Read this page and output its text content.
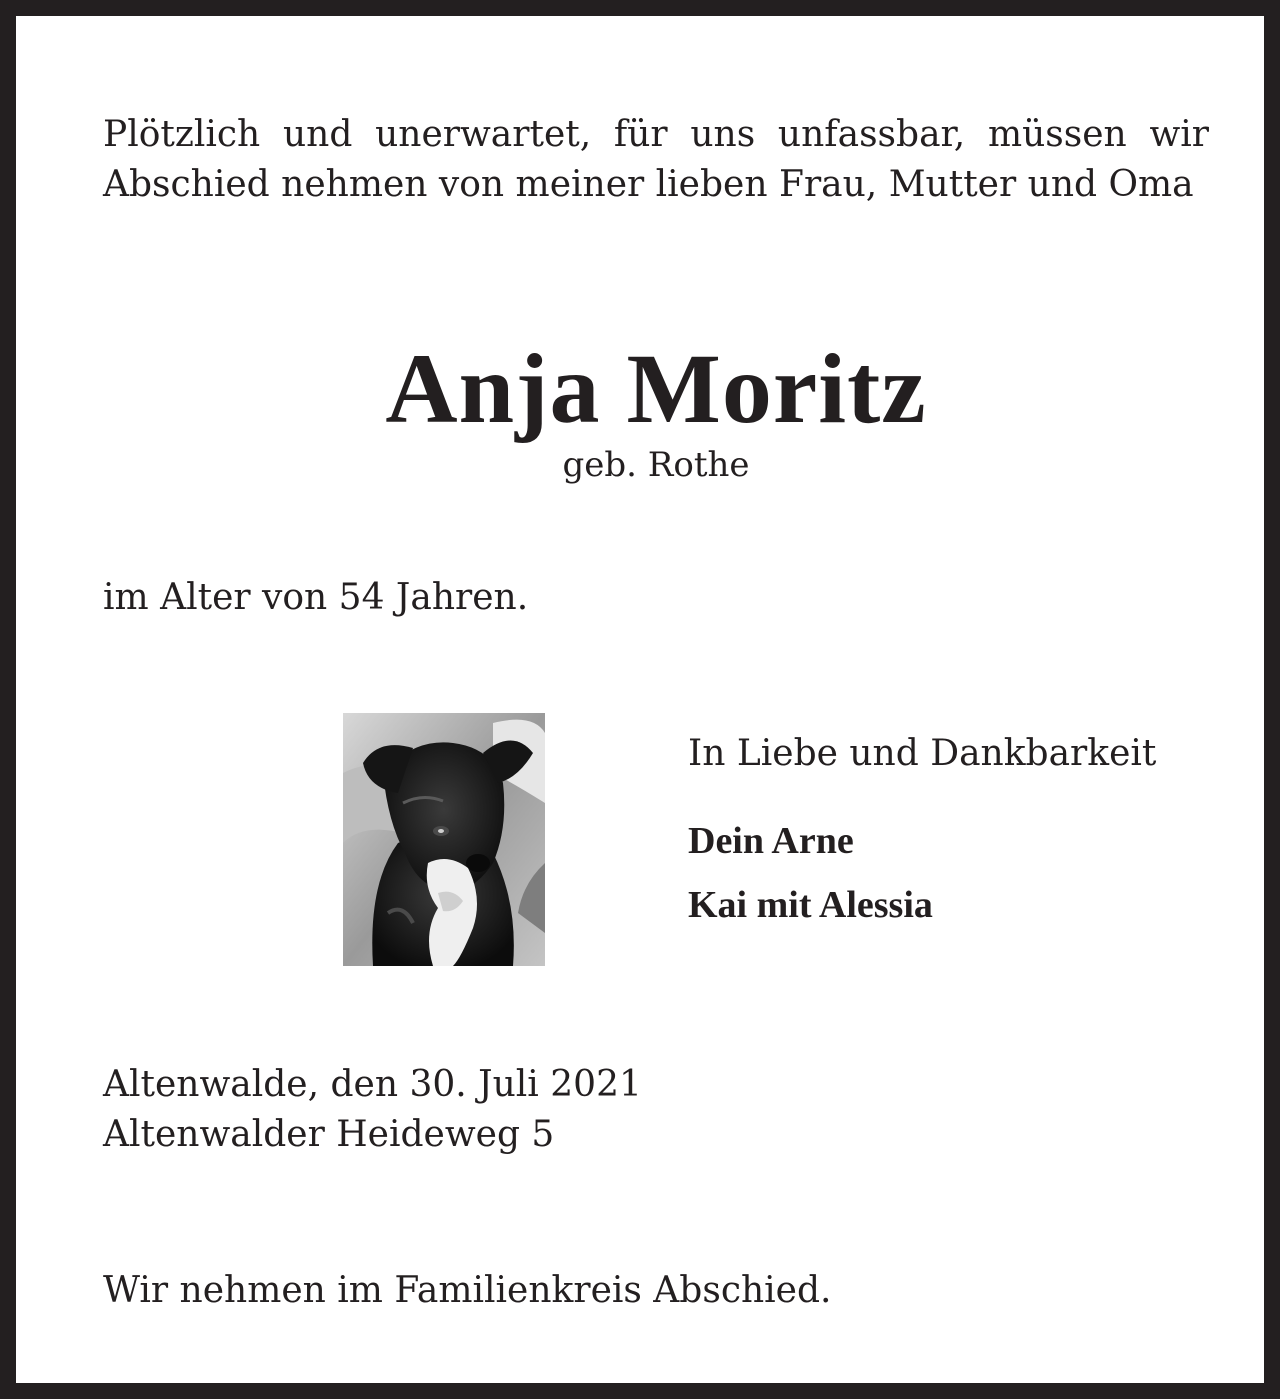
Plötzlich und unerwartet, für uns unfassbar, müssen wir Abschied nehmen von meiner lieben Frau, Mutter und Oma

Anja Moritz

geb. Rothe

im Alter von 54 Jahren.

In Liebe und Dankbarkeit

Dein Arne

Kai mit Alessia

Altenwalde, den 30. Juli 2021

Altenwalder Heideweg 5

Wir nehmen im Familienkreis Abschied.
